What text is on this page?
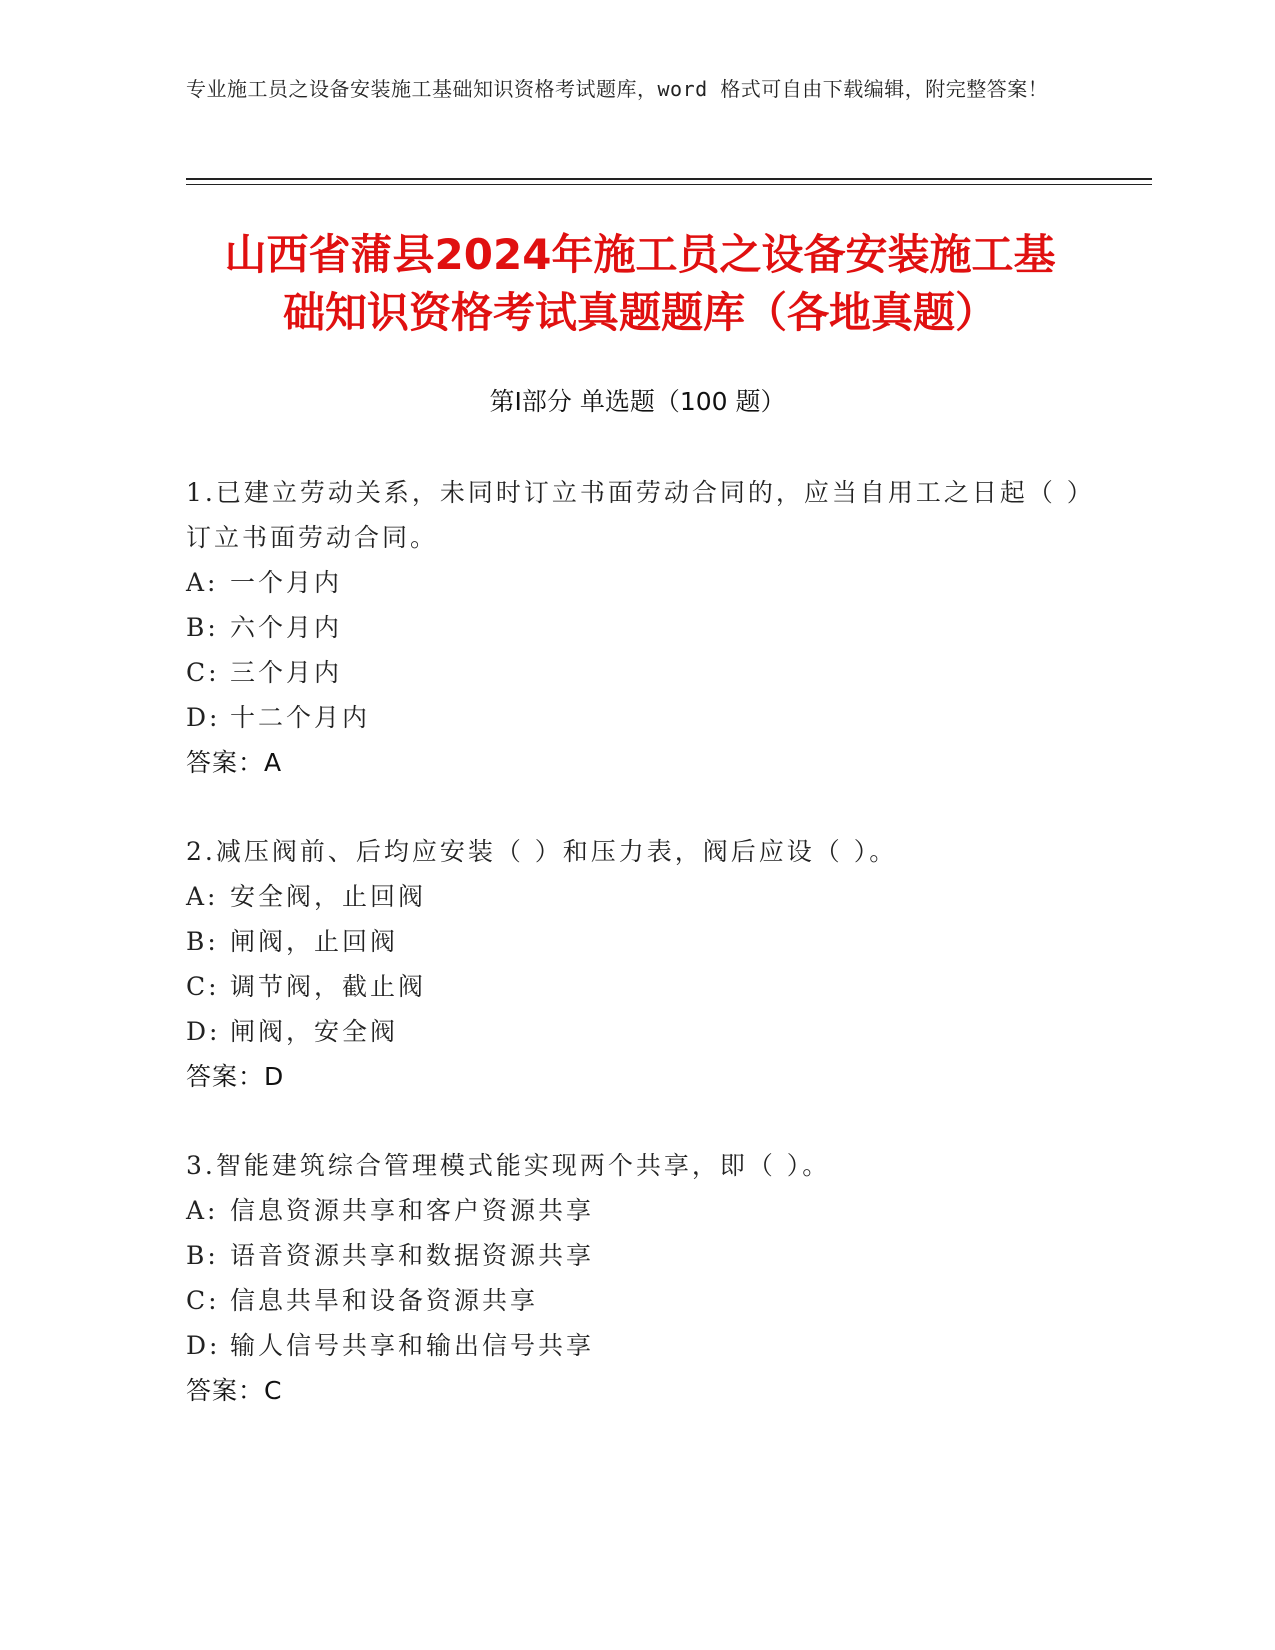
专业施工员之设备安装施工基础知识资格考试题库，word 格式可自由下载编辑，附完整答案！
山西省蒲县2024年施工员之设备安装施工基
础知识资格考试真题题库（各地真题）
第Ⅰ部分 单选题（100 题）
1.已建立劳动关系，未同时订立书面劳动合同的，应当自用工之日起（ ）订立书面劳动合同。
A: 一个月内
B: 六个月内
C: 三个月内
D: 十二个月内
答案：A
2.减压阀前、后均应安装（ ）和压力表，阀后应设（ ）。
A: 安全阀，止回阀
B: 闸阀，止回阀
C: 调节阀，截止阀
D: 闸阀，安全阀
答案：D
3.智能建筑综合管理模式能实现两个共享，即（ ）。
A: 信息资源共享和客户资源共享
B: 语音资源共享和数据资源共享
C: 信息共旱和设备资源共享
D: 输人信号共享和输出信号共享
答案：C
